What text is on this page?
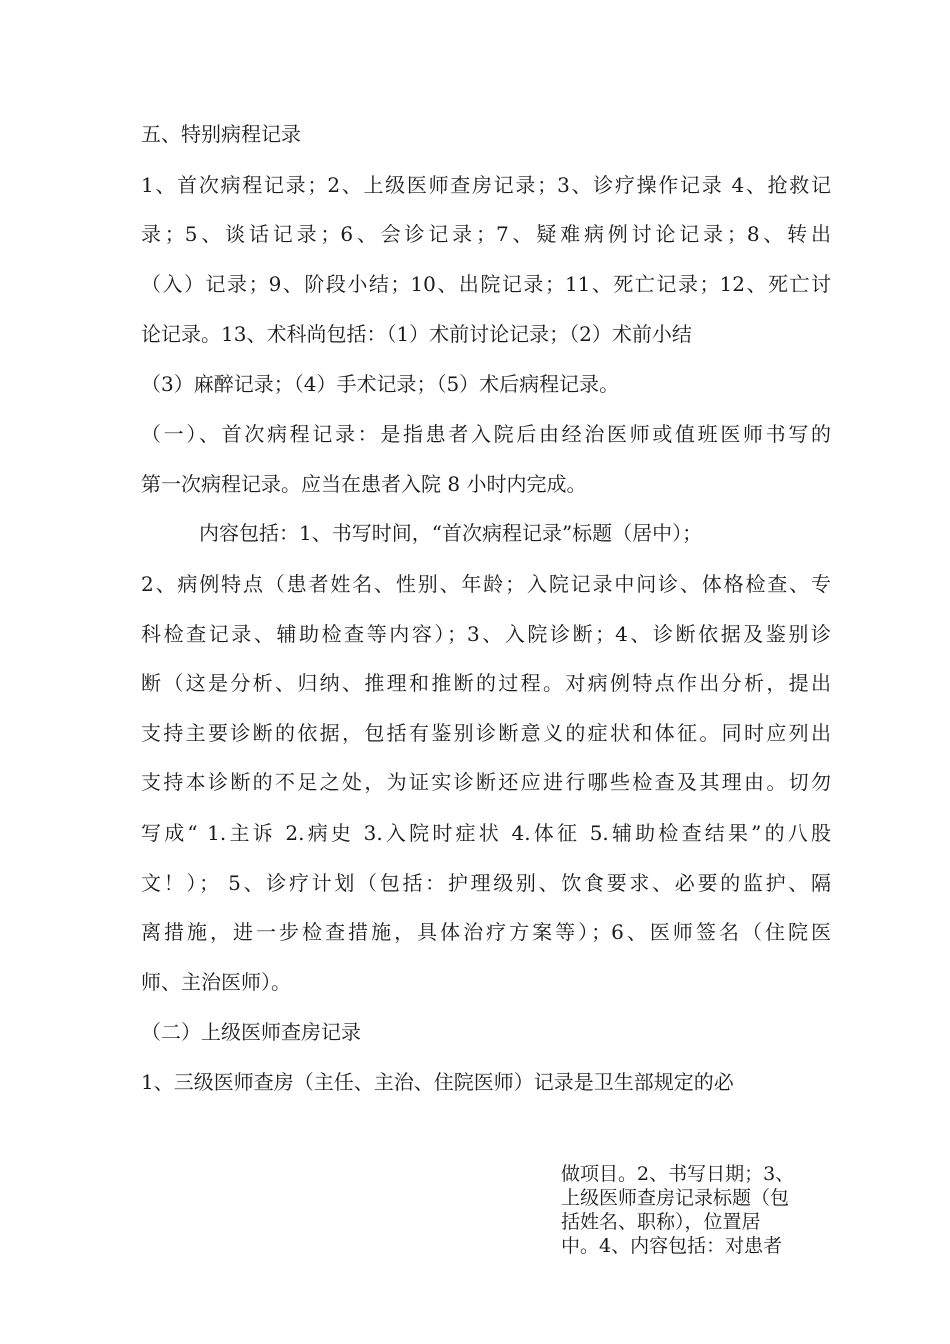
五、特别病程记录
1、首次病程记录；2、上级医师查房记录；3、诊疗操作记录 4、抢救记
录；5、谈话记录；6、会诊记录；7、疑难病例讨论记录；8、转出
（入）记录；9、阶段小结；10、出院记录；11、死亡记录；12、死亡讨
论记录。13、术科尚包括：（1）术前讨论记录；（2）术前小结
（3）麻醉记录；（4）手术记录；（5）术后病程记录。
（一）、首次病程记录：是指患者入院后由经治医师或值班医师书写的
第一次病程记录。应当在患者入院 8 小时内完成。
内容包括：1、书写时间，“首次病程记录”标题（居中）；
2、病例特点（患者姓名、性别、年龄；入院记录中问诊、体格检查、专
科检查记录、辅助检查等内容）；3、入院诊断；4、诊断依据及鉴别诊
断（这是分析、归纳、推理和推断的过程。对病例特点作出分析，提出
支持主要诊断的依据，包括有鉴别诊断意义的症状和体征。同时应列出
支持本诊断的不足之处，为证实诊断还应进行哪些检查及其理由。切勿
写成“ 1.主诉 2.病史 3.入院时症状 4.体征 5.辅助检查结果”的八股
文！）； 5、诊疗计划（包括：护理级别、饮食要求、必要的监护、隔
离措施，进一步检查措施，具体治疗方案等）；6、医师签名（住院医
师、主治医师）。
（二）上级医师查房记录
1、三级医师查房（主任、主治、住院医师）记录是卫生部规定的必
做项目。2、书写日期；3、
上级医师查房记录标题（包
括姓名、职称），位置居
中。4、内容包括：对患者
